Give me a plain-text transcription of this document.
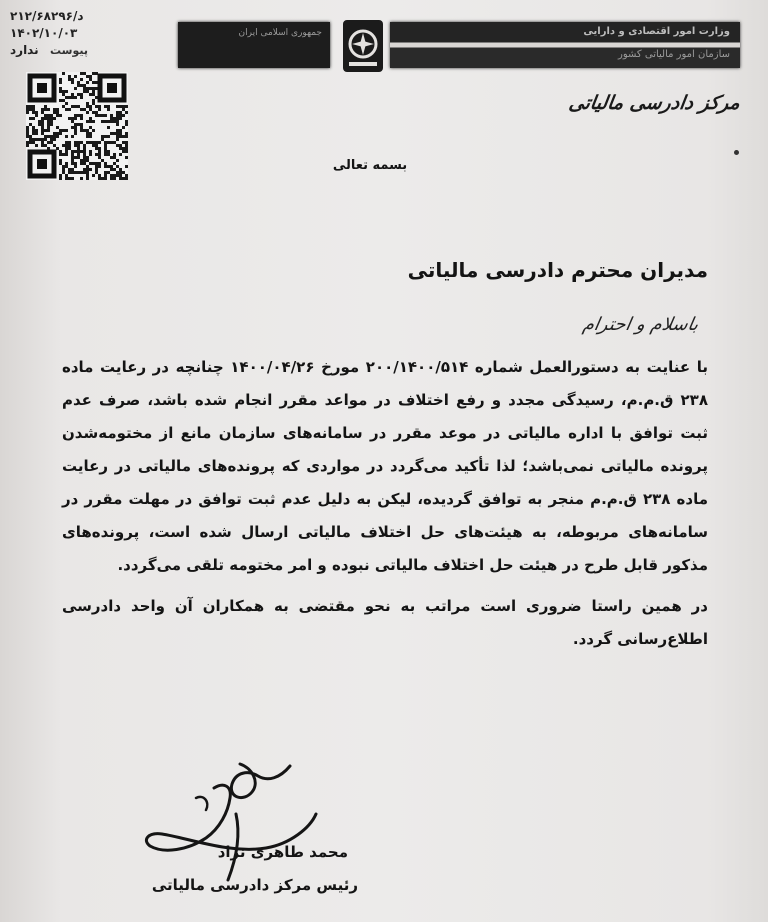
د/۲۱۲/۶۸۲۹۶
۱۴۰۲/۱۰/۰۳
ندارد پیوست
جمهوری اسلامی ایران	وزارت امور اقتصادی و دارایی
سازمان امور مالیاتی کشور
مرکز دادرسی مالیاتی
بسمه تعالی
مدیران محترم دادرسی مالیاتی
باسلام و احترام

با عنایت به دستورالعمل شماره ۲۰۰/۱۴۰۰/۵۱۴ مورخ ۱۴۰۰/۰۴/۲۶ چنانچه در رعایت ماده ۲۳۸ ق.م.م، رسیدگی مجدد و رفع اختلاف در مواعد مقرر انجام شده باشد، صرف عدم ثبت توافق با اداره مالیاتی در موعد مقرر در سامانه‌های سازمان مانع از مختومه‌شدن پرونده مالیاتی نمی‌باشد؛ لذا تأکید می‌گردد در مواردی که پرونده‌های مالیاتی در رعایت ماده ۲۳۸ ق.م.م منجر به توافق گردیده، لیکن به دلیل عدم ثبت توافق در مهلت مقرر در سامانه‌های مربوطه، به هیئت‌های حل اختلاف مالیاتی ارسال شده است، پرونده‌های مذکور قابل طرح در هیئت حل اختلاف مالیاتی نبوده و امر مختومه تلقی می‌گردد.

در همین راستا ضروری است مراتب به نحو مقتضی به همکاران آن واحد دادرسی اطلاع‌رسانی گردد.

محمد طاهری نژاد
رئیس مرکز دادرسی مالیاتی
